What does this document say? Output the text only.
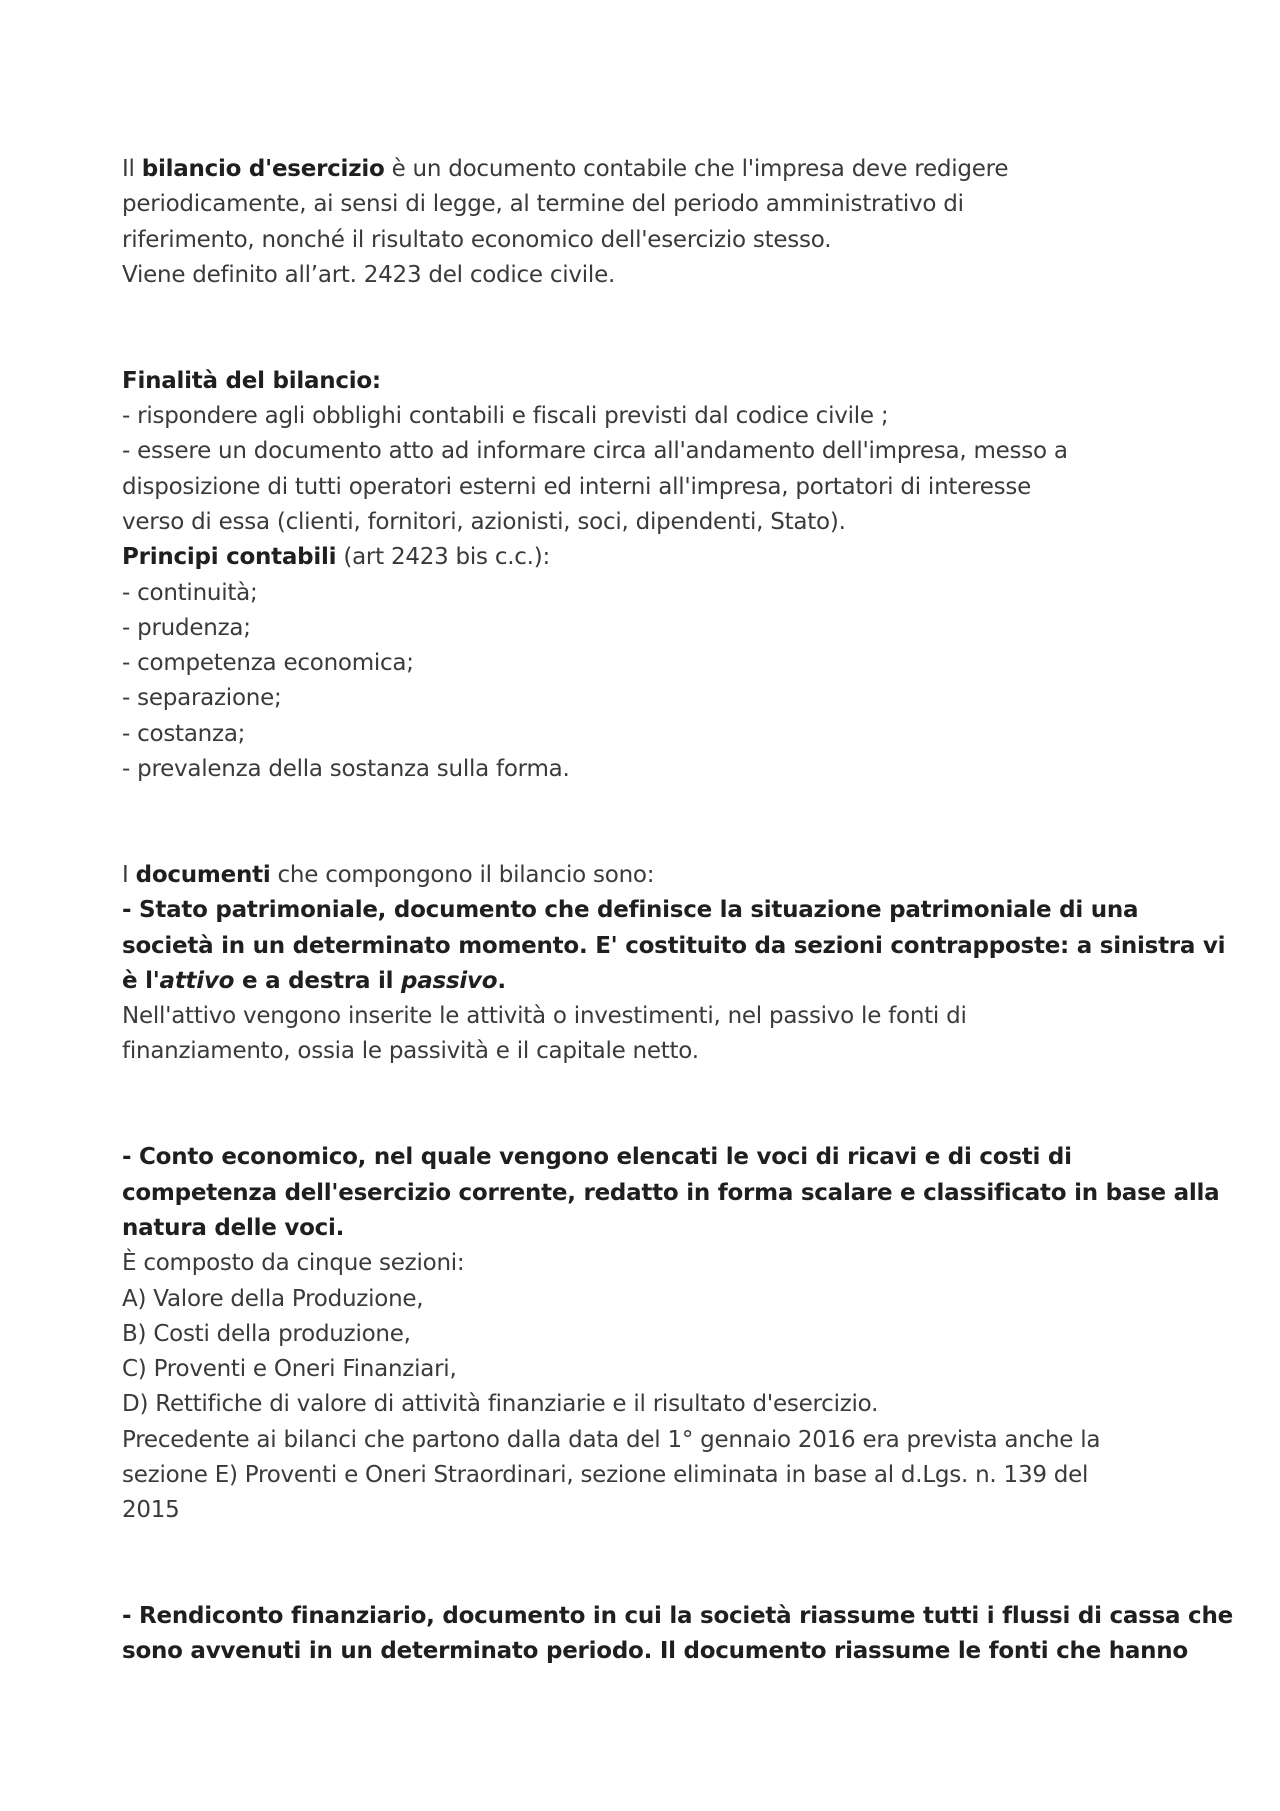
Il bilancio d'esercizio è un documento contabile che l'impresa deve redigere
periodicamente, ai sensi di legge, al termine del periodo amministrativo di
riferimento, nonché il risultato economico dell'esercizio stesso.
Viene definito all’art. 2423 del codice civile.
Finalità del bilancio:
- rispondere agli obblighi contabili e fiscali previsti dal codice civile ;
- essere un documento atto ad informare circa all'andamento dell'impresa, messo a
disposizione di tutti operatori esterni ed interni all'impresa, portatori di interesse
verso di essa (clienti, fornitori, azionisti, soci, dipendenti, Stato).
Principi contabili (art 2423 bis c.c.):
- continuità;
- prudenza;
- competenza economica;
- separazione;
- costanza;
- prevalenza della sostanza sulla forma.
I documenti che compongono il bilancio sono:
- Stato patrimoniale, documento che definisce la situazione patrimoniale di una
società in un determinato momento. E' costituito da sezioni contrapposte: a sinistra vi
è l'attivo e a destra il passivo.
Nell'attivo vengono inserite le attività o investimenti, nel passivo le fonti di
finanziamento, ossia le passività e il capitale netto.
- Conto economico, nel quale vengono elencati le voci di ricavi e di costi di
competenza dell'esercizio corrente, redatto in forma scalare e classificato in base alla
natura delle voci.
È composto da cinque sezioni:
A) Valore della Produzione,
B) Costi della produzione,
C) Proventi e Oneri Finanziari,
D) Rettifiche di valore di attività finanziarie e il risultato d'esercizio.
Precedente ai bilanci che partono dalla data del 1° gennaio 2016 era prevista anche la
sezione E) Proventi e Oneri Straordinari, sezione eliminata in base al d.Lgs. n. 139 del
2015
- Rendiconto finanziario, documento in cui la società riassume tutti i flussi di cassa che
sono avvenuti in un determinato periodo. Il documento riassume le fonti che hanno
